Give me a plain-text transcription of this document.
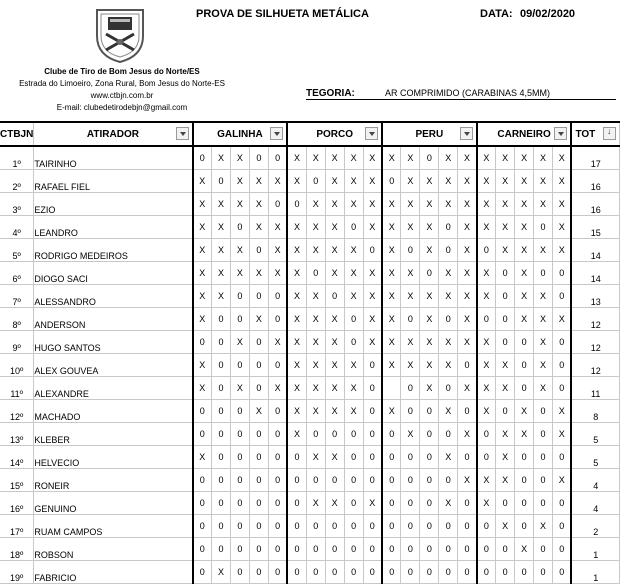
PROVA DE SILHUETA METÁLICA	DATA: 09/02/2020
Clube de Tiro de Bom Jesus do Norte/ES
Estrada do Limoeiro, Zona Rural, Bom Jesus do Norte-ES
www.ctbjn.com.br
E-mail: clubedetirodebjn@gmail.com
TEGORIA:	AR COMPRIMIDO (CARABINAS 4,5MM)
CTBJN	ATIRADOR	GALINHA					PORCO					PERU					CARNEIRO					TOT
↓

1º	TAIRINHO	0	X	X	0	0	X	X	X	X	X	X	X	0	X	X	X	X	X	X	X	17
2º	RAFAEL FIEL	X	0	X	X	X	X	0	X	X	X	0	X	X	X	X	X	X	X	X	X	16
3º	EZIO	X	X	X	X	0	0	X	X	X	X	X	X	X	X	X	X	X	X	X	X	16
4º	LEANDRO	X	X	0	X	X	X	X	X	0	X	X	X	X	0	X	X	X	X	0	X	15
5º	RODRIGO MEDEIROS	X	X	X	0	X	X	X	X	X	0	X	0	X	0	X	0	X	X	X	X	14
6º	DIOGO SACI	X	X	X	X	X	X	0	X	X	X	X	X	0	X	X	X	0	X	0	0	14
7º	ALESSANDRO	X	X	0	0	0	X	X	0	X	X	X	X	X	X	X	X	0	X	X	0	13
8º	ANDERSON	X	0	0	X	0	X	X	X	0	X	X	0	X	0	X	0	0	X	X	X	12
9º	HUGO SANTOS	0	0	X	0	X	X	X	X	0	X	X	X	X	X	X	X	0	0	X	0	12
10º	ALEX GOUVEA	X	0	0	0	0	X	X	X	X	0	X	X	X	X	0	X	X	0	X	0	12
11º	ALEXANDRE	X	0	X	0	X	X	X	X	X	0		0	X	0	X	X	X	0	X	0	11
12º	MACHADO	0	0	0	X	0	X	X	X	X	0	X	0	0	X	0	X	0	X	0	X	8
13º	KLEBER	0	0	0	0	0	X	0	0	0	0	0	X	0	0	X	0	X	X	0	X	5
14º	HELVECIO	X	0	0	0	0	0	X	X	0	0	0	0	0	X	0	0	X	0	0	0	5
15º	RONEIR	0	0	0	0	0	0	0	0	0	0	0	0	0	0	X	X	X	0	0	X	4
16º	GENUINO	0	0	0	0	0	0	X	X	0	X	0	0	0	X	0	X	0	0	0	0	4
17º	RUAM CAMPOS	0	0	0	0	0	0	0	0	0	0	0	0	0	0	0	0	X	0	X	0	2
18º	ROBSON	0	0	0	0	0	0	0	0	0	0	0	0	0	0	0	0	0	X	0	0	1
19º	FABRICIO	0	X	0	0	0	0	0	0	0	0	0	0	0	0	0	0	0	0	0	0	1
